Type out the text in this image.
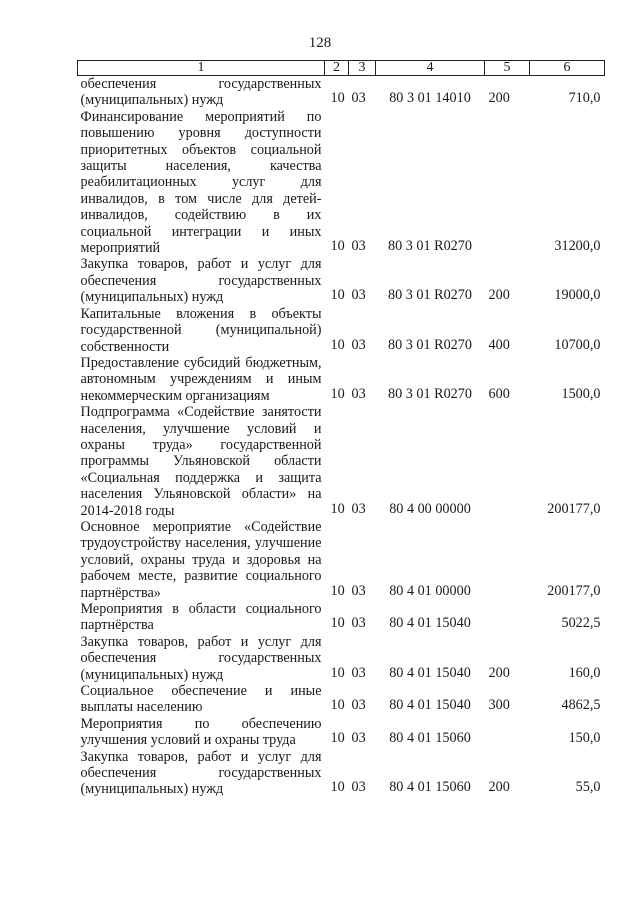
128
1	2	3	4	5	6
обеспечения государственных (муниципальных) нужд	10	03	80 3 01 14010	200	710,0
Финансирование мероприятий по повышению уровня доступности приоритетных объектов социальной защиты населения, качества реабилитационных услуг для инвалидов, в том числе для детей-инвалидов, содействию в их социальной интеграции и иных мероприятий	10	03	80 3 01 R0270		31200,0
Закупка товаров, работ и услуг для обеспечения государственных (муниципальных) нужд	10	03	80 3 01 R0270	200	19000,0
Капитальные вложения в объекты государственной (муниципальной) собственности	10	03	80 3 01 R0270	400	10700,0
Предоставление субсидий бюджетным, автономным учреждениям и иным некоммерческим организациям	10	03	80 3 01 R0270	600	1500,0
Подпрограмма «Содействие занятости населения, улучшение условий и охраны труда» государственной программы Ульяновской области «Социальная поддержка и защита населения Ульяновской области» на 2014-2018 годы	10	03	80 4 00 00000		200177,0
Основное мероприятие «Содействие трудоустройству населения, улучшение условий, охраны труда и здоровья на рабочем месте, развитие социального партнёрства»	10	03	80 4 01 00000		200177,0
Мероприятия в области социального партнёрства	10	03	80 4 01 15040		5022,5
Закупка товаров, работ и услуг для обеспечения государственных (муниципальных) нужд	10	03	80 4 01 15040	200	160,0
Социальное обеспечение и иные выплаты населению	10	03	80 4 01 15040	300	4862,5
Мероприятия по обеспечению улучшения условий и охраны труда	10	03	80 4 01 15060		150,0
Закупка товаров, работ и услуг для обеспечения государственных (муниципальных) нужд	10	03	80 4 01 15060	200	55,0
